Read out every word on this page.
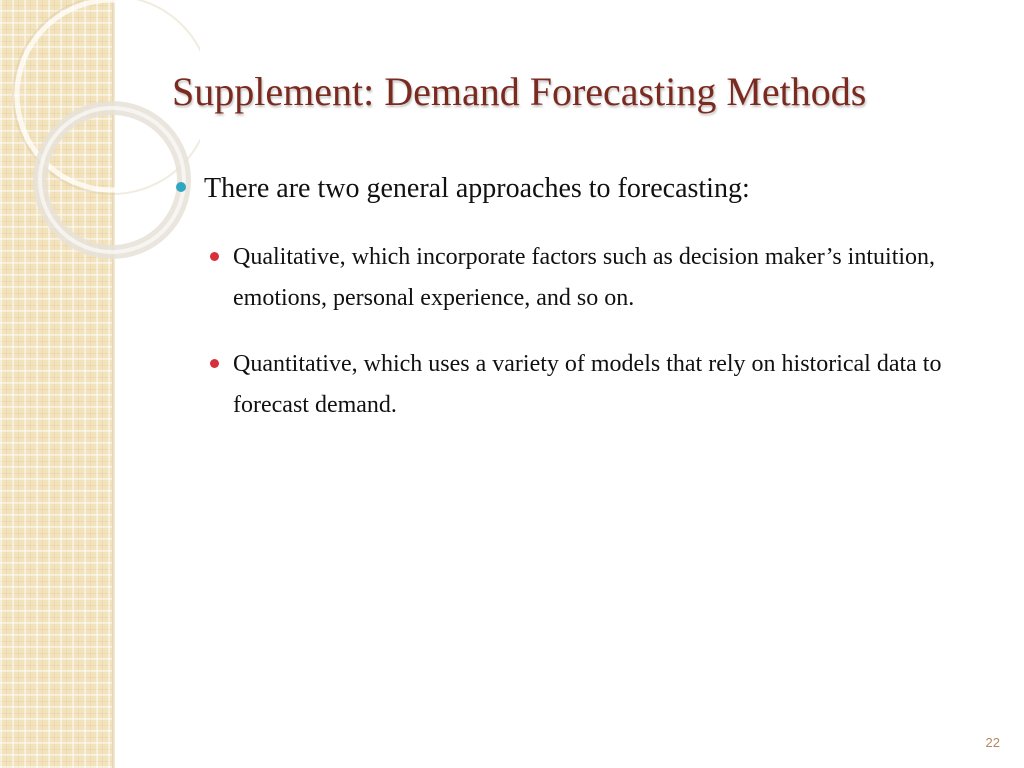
Supplement: Demand Forecasting Methods
There are two general approaches to forecasting:
Qualitative, which incorporate factors such as decision maker’s intuition, emotions, personal experience, and so on.
Quantitative, which uses a variety of models that rely on historical data to forecast demand.
22
